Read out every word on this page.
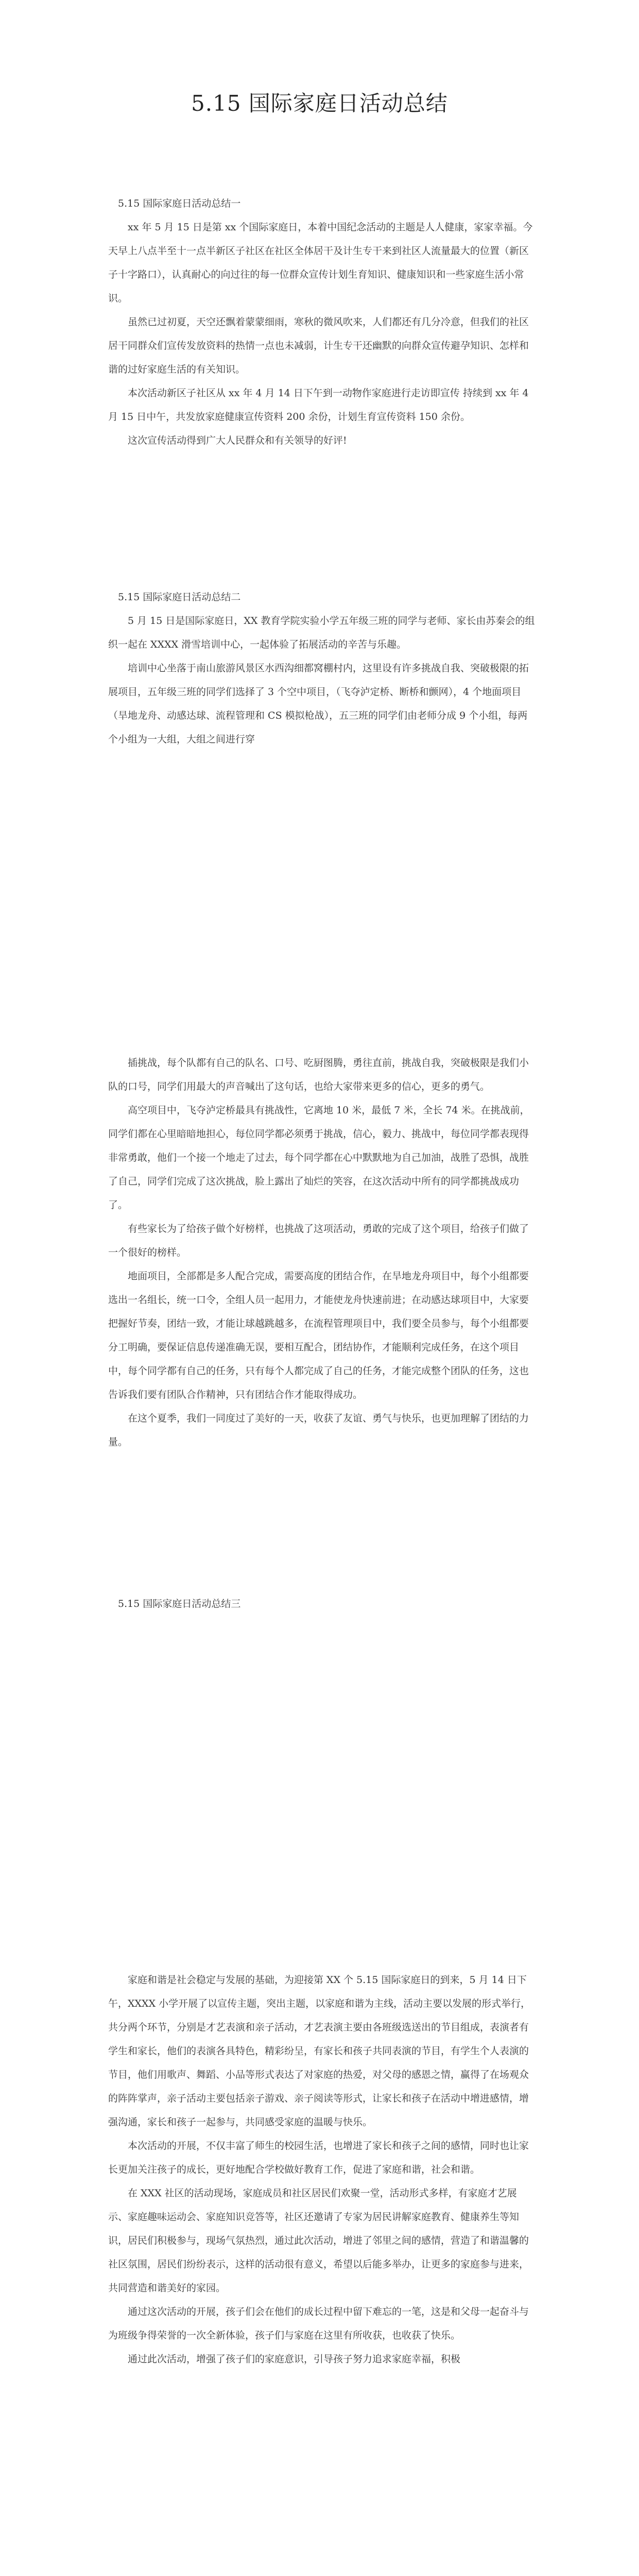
5.15 国际家庭日活动总结
5.15 国际家庭日活动总结一

xx 年 5 月 15 日是第 xx 个国际家庭日，本着中国纪念活动的主题是人人健康，家家幸福。今天早上八点半至十一点半新区子社区在社区全体居干及计生专干来到社区人流量最大的位置（新区子十字路口），认真耐心的向过往的每一位群众宣传计划生育知识、健康知识和一些家庭生活小常识。

虽然已过初夏，天空还飘着蒙蒙细雨，寒秋的微风吹来，人们都还有几分冷意，但我们的社区居干同群众们宣传发放资料的热情一点也未减弱，计生专干还幽默的向群众宣传避孕知识、怎样和谐的过好家庭生活的有关知识。

本次活动新区子社区从 xx 年 4 月 14 日下午到一动物作家庭进行走访即宣传 持续到 xx 年 4 月 15 日中午，共发放家庭健康宣传资料 200 余份，计划生育宣传资料 150 余份。

这次宣传活动得到广大人民群众和有关领导的好评!

5.15 国际家庭日活动总结二

5 月 15 日是国际家庭日，XX 教育学院实验小学五年级三班的同学与老师、家长由苏秦会的组织一起在 XXXX 滑雪培训中心，一起体验了拓展活动的辛苦与乐趣。

培训中心坐落于南山旅游风景区水西沟细都窝棚村内，这里设有许多挑战自我、突破极限的拓展项目，五年级三班的同学们选择了 3 个空中项目，（飞夺泸定桥、断桥和颤网），4 个地面项目（旱地龙舟、动感达球、流程管理和 CS 模拟枪战），五三班的同学们由老师分成 9 个小组，每两个小组为一大组，大组之间进行穿

插挑战，每个队都有自己的队名、口号、吃厨图腾，勇往直前，挑战自我，突破极限是我们小队的口号，同学们用最大的声音喊出了这句话，也给大家带来更多的信心，更多的勇气。

高空项目中，飞夺泸定桥最具有挑战性，它离地 10 米，最低 7 米，全长 74 米。在挑战前，同学们都在心里暗暗地担心，每位同学都必须勇于挑战，信心，毅力、挑战中，每位同学都表现得非常勇敢，他们一个接一个地走了过去，每个同学都在心中默默地为自己加油，战胜了恐惧，战胜了自己，同学们完成了这次挑战，脸上露出了灿烂的笑容，在这次活动中所有的同学都挑战成功了。

有些家长为了给孩子做个好榜样，也挑战了这项活动，勇敢的完成了这个项目，给孩子们做了一个很好的榜样。

地面项目，全部都是多人配合完成，需要高度的团结合作，在旱地龙舟项目中，每个小组都要选出一名组长，统一口令，全组人员一起用力，才能使龙舟快速前进；在动感达球项目中，大家要把握好节奏，团结一致，才能让球越跳越多，在流程管理项目中，我们要全员参与，每个小组都要分工明确，要保证信息传递准确无误，要相互配合，团结协作，才能顺利完成任务，在这个项目中，每个同学都有自己的任务，只有每个人都完成了自己的任务，才能完成整个团队的任务，这也告诉我们要有团队合作精神，只有团结合作才能取得成功。

在这个夏季，我们一同度过了美好的一天，收获了友谊、勇气与快乐，也更加理解了团结的力量。

5.15 国际家庭日活动总结三

家庭和谐是社会稳定与发展的基础，为迎接第 XX 个 5.15 国际家庭日的到来，5 月 14 日下午，XXXX 小学开展了以宣传主题，突出主题，以家庭和谐为主线，活动主要以发展的形式举行，共分两个环节，分别是才艺表演和亲子活动，才艺表演主要由各班级选送出的节目组成，表演者有学生和家长，他们的表演各具特色，精彩纷呈，有家长和孩子共同表演的节目，有学生个人表演的节目，他们用歌声、舞蹈、小品等形式表达了对家庭的热爱，对父母的感恩之情，赢得了在场观众的阵阵掌声，亲子活动主要包括亲子游戏、亲子阅读等形式，让家长和孩子在活动中增进感情，增强沟通，家长和孩子一起参与，共同感受家庭的温暖与快乐。

本次活动的开展，不仅丰富了师生的校园生活，也增进了家长和孩子之间的感情，同时也让家长更加关注孩子的成长，更好地配合学校做好教育工作，促进了家庭和谐，社会和谐。

在 XXX 社区的活动现场，家庭成员和社区居民们欢聚一堂，活动形式多样，有家庭才艺展示、家庭趣味运动会、家庭知识竞答等，社区还邀请了专家为居民讲解家庭教育、健康养生等知识，居民们积极参与，现场气氛热烈，通过此次活动，增进了邻里之间的感情，营造了和谐温馨的社区氛围，居民们纷纷表示，这样的活动很有意义，希望以后能多举办，让更多的家庭参与进来，共同营造和谐美好的家园。

通过这次活动的开展，孩子们会在他们的成长过程中留下难忘的一笔，这是和父母一起奋斗与为班级争得荣誉的一次全新体验，孩子们与家庭在这里有所收获，也收获了快乐。

通过此次活动，增强了孩子们的家庭意识，引导孩子努力追求家庭幸福，积极
